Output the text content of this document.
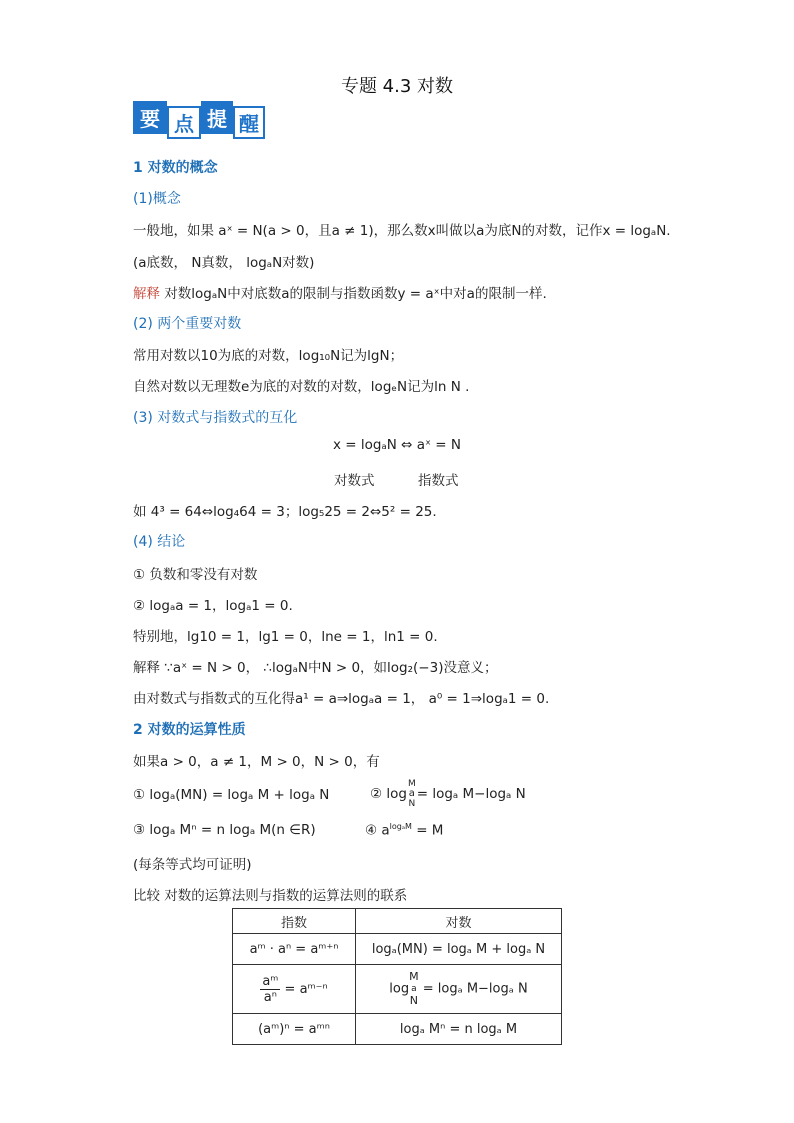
专题 4.3 对数
要 点 提 醒
1 对数的概念
(1)概念
一般地，如果 aˣ = N(a > 0，且a ≠ 1)，那么数x叫做以a为底N的对数，记作x = logₐN.
(a底数， N真数， logₐN对数)
解释 对数logₐN中对底数a的限制与指数函数y = aˣ中对a的限制一样.
(2) 两个重要对数
常用对数以10为底的对数，log₁₀N记为lgN；
自然对数以无理数e为底的对数的对数，logₑN记为ln N .
(3) 对数式与指数式的互化
x = logₐN ⇔ aˣ = N
对数式	指数式
如 4³ = 64⇔log₄64 = 3；log₅25 = 2⇔5² = 25.
(4) 结论
① 负数和零没有对数
② logₐa = 1，logₐ1 = 0.
特别地，lg10 = 1，lg1 = 0，lne = 1，ln1 = 0.
解释 ∵aˣ = N > 0， ∴logₐN中N > 0，如log₂(−3)没意义；
由对数式与指数式的互化得a¹ = a⇒logₐa = 1， a⁰ = 1⇒logₐ1 = 0.
2 对数的运算性质
如果a > 0，a ≠ 1，M > 0，N > 0，有
① logₐ(MN) = logₐ M + logₐ N	② log
M
a
N
= logₐ M−logₐ N
③ logₐ Mⁿ = n logₐ M(n ∈R)	④ $a^{log_aM} = M$
(每条等式均可证明)
比较 对数的运算法则与指数的运算法则的联系
指数	对数
aᵐ · aⁿ = aᵐ⁺ⁿ	logₐ(MN) = logₐ M + logₐ N

$\frac{\text{aᵐ}}{\text{aⁿ}}$ = aᵐ⁻ⁿ	log
M
a
N
= logₐ M−logₐ N
(aᵐ)ⁿ = aᵐⁿ	logₐ Mⁿ = n logₐ M
